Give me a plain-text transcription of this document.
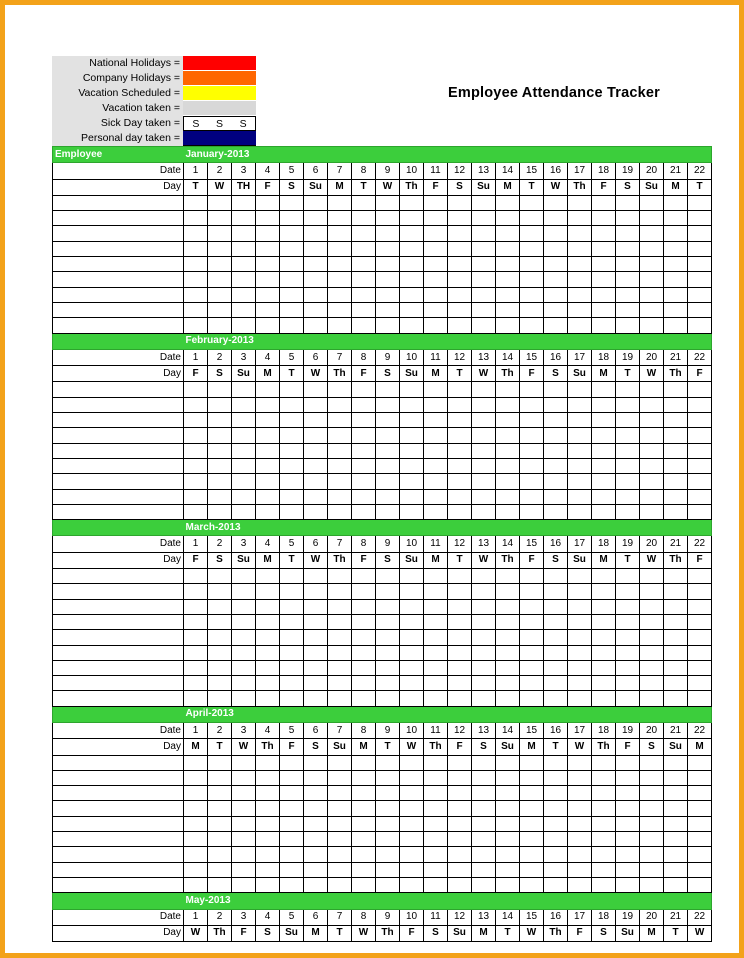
National Holidays =
Company Holidays =
Vacation Scheduled =
Vacation taken =
Sick Day taken = S S S
Personal day taken =
Employee Attendance Tracker
Employee	January-2013																					
Date	1	2	3	4	5	6	7	8	9	10	11	12	13	14	15	16	17	18	19	20	21	22
Day	T	W	TH	F	S	Su	M	T	W	Th	F	S	Su	M	T	W	Th	F	S	Su	M	T

	February-2013																					
Date	1	2	3	4	5	6	7	8	9	10	11	12	13	14	15	16	17	18	19	20	21	22
Day	F	S	Su	M	T	W	Th	F	S	Su	M	T	W	Th	F	S	Su	M	T	W	Th	F

	March-2013																					
Date	1	2	3	4	5	6	7	8	9	10	11	12	13	14	15	16	17	18	19	20	21	22
Day	F	S	Su	M	T	W	Th	F	S	Su	M	T	W	Th	F	S	Su	M	T	W	Th	F

	April-2013																					
Date	1	2	3	4	5	6	7	8	9	10	11	12	13	14	15	16	17	18	19	20	21	22
Day	M	T	W	Th	F	S	Su	M	T	W	Th	F	S	Su	M	T	W	Th	F	S	Su	M

	May-2013																					
Date	1	2	3	4	5	6	7	8	9	10	11	12	13	14	15	16	17	18	19	20	21	22
Day	W	Th	F	S	Su	M	T	W	Th	F	S	Su	M	T	W	Th	F	S	Su	M	T	W
